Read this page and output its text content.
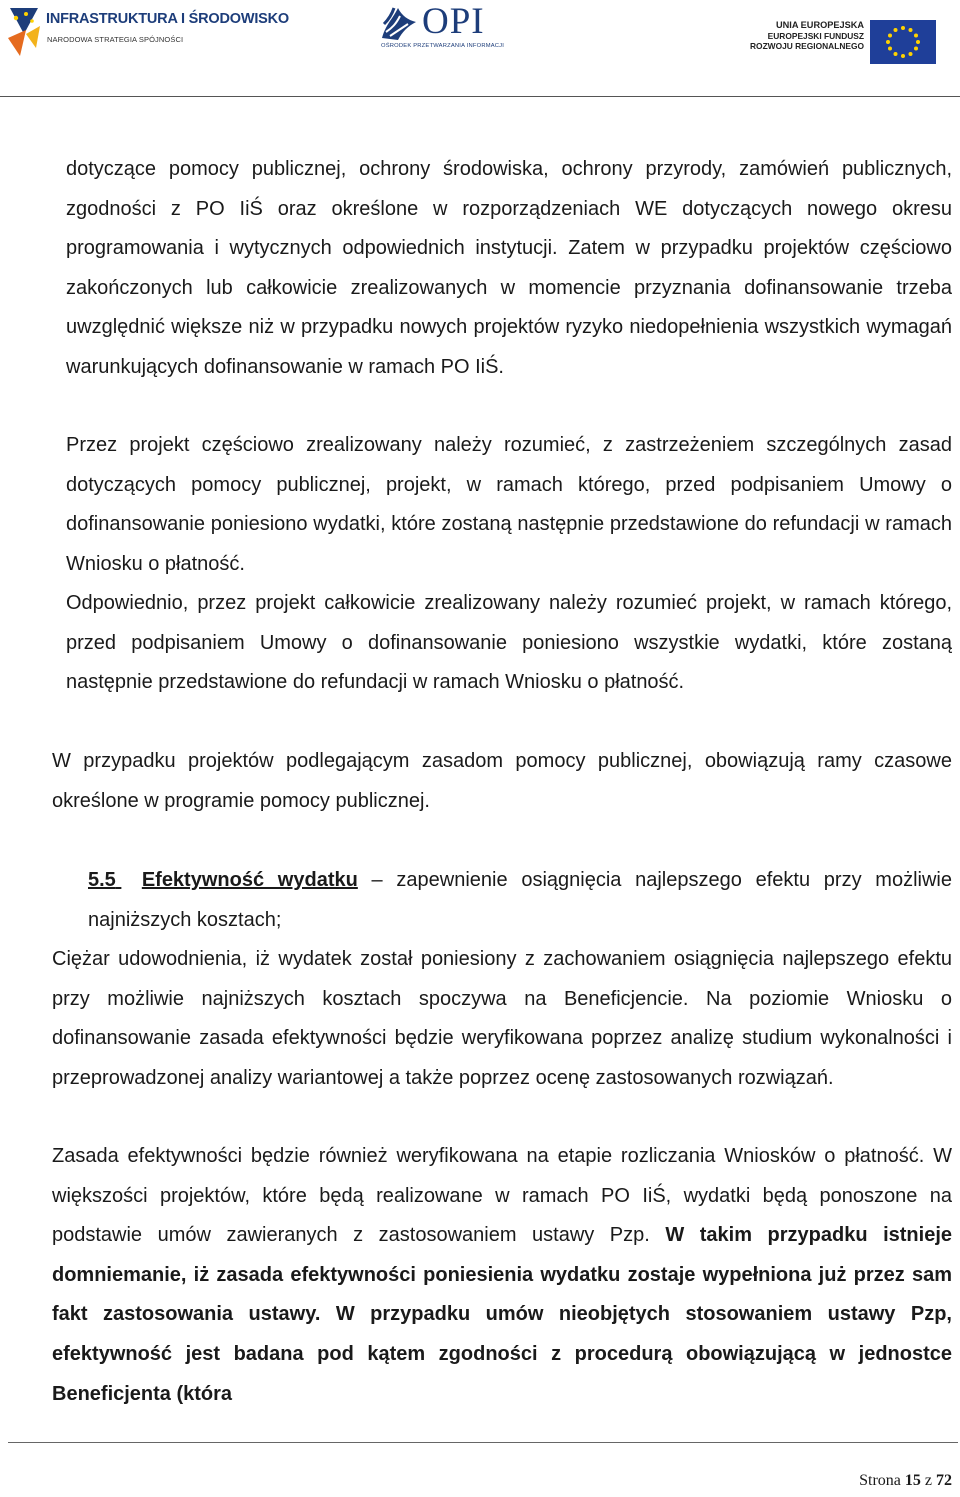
INFRASTRUKTURA I ŚRODOWISKO
NARODOWA STRATEGIA SPÓJNOŚCI	OPI
OŚRODEK PRZETWARZANIA INFORMACJI
UNIA EUROPEJSKA
EUROPEJSKI FUNDUSZ
ROZWOJU REGIONALNEGO

dotyczące pomocy publicznej, ochrony środowiska, ochrony przyrody, zamówień publicznych, zgodności z PO IiŚ oraz określone w rozporządzeniach WE dotyczących nowego okresu programowania i wytycznych odpowiednich instytucji. Zatem w przypadku projektów częściowo zakończonych lub całkowicie zrealizowanych w momencie przyznania dofinansowanie trzeba uwzględnić większe niż w przypadku nowych projektów ryzyko niedopełnienia wszystkich wymagań warunkujących dofinansowanie w ramach PO IiŚ.

Przez projekt częściowo zrealizowany należy rozumieć, z zastrzeżeniem szczególnych zasad dotyczących pomocy publicznej, projekt, w ramach którego, przed podpisaniem Umowy o dofinansowanie poniesiono wydatki, które zostaną następnie przedstawione do refundacji w ramach Wniosku o płatność.

Odpowiednio, przez projekt całkowicie zrealizowany należy rozumieć projekt, w ramach którego, przed podpisaniem Umowy o dofinansowanie poniesiono wszystkie wydatki, które zostaną następnie przedstawione do refundacji w ramach Wniosku o płatność.

W przypadku projektów podlegającym zasadom pomocy publicznej, obowiązują ramy czasowe określone w programie pomocy publicznej.

5.5 Efektywność wydatku – zapewnienie osiągnięcia najlepszego efektu przy możliwie najniższych kosztach;

Ciężar udowodnienia, iż wydatek został poniesiony z zachowaniem osiągnięcia najlepszego efektu przy możliwie najniższych kosztach spoczywa na Beneficjencie. Na poziomie Wniosku o dofinansowanie zasada efektywności będzie weryfikowana poprzez analizę studium wykonalności i przeprowadzonej analizy wariantowej a także poprzez ocenę zastosowanych rozwiązań.

Zasada efektywności będzie również weryfikowana na etapie rozliczania Wniosków o płatność. W większości projektów, które będą realizowane w ramach PO IiŚ, wydatki będą ponoszone na podstawie umów zawieranych z zastosowaniem ustawy Pzp. W takim przypadku istnieje domniemanie, iż zasada efektywności poniesienia wydatku zostaje wypełniona już przez sam fakt zastosowania ustawy. W przypadku umów nieobjętych stosowaniem ustawy Pzp, efektywność jest badana pod kątem zgodności z procedurą obowiązującą w jednostce Beneficjenta (która

Strona 15 z 72
